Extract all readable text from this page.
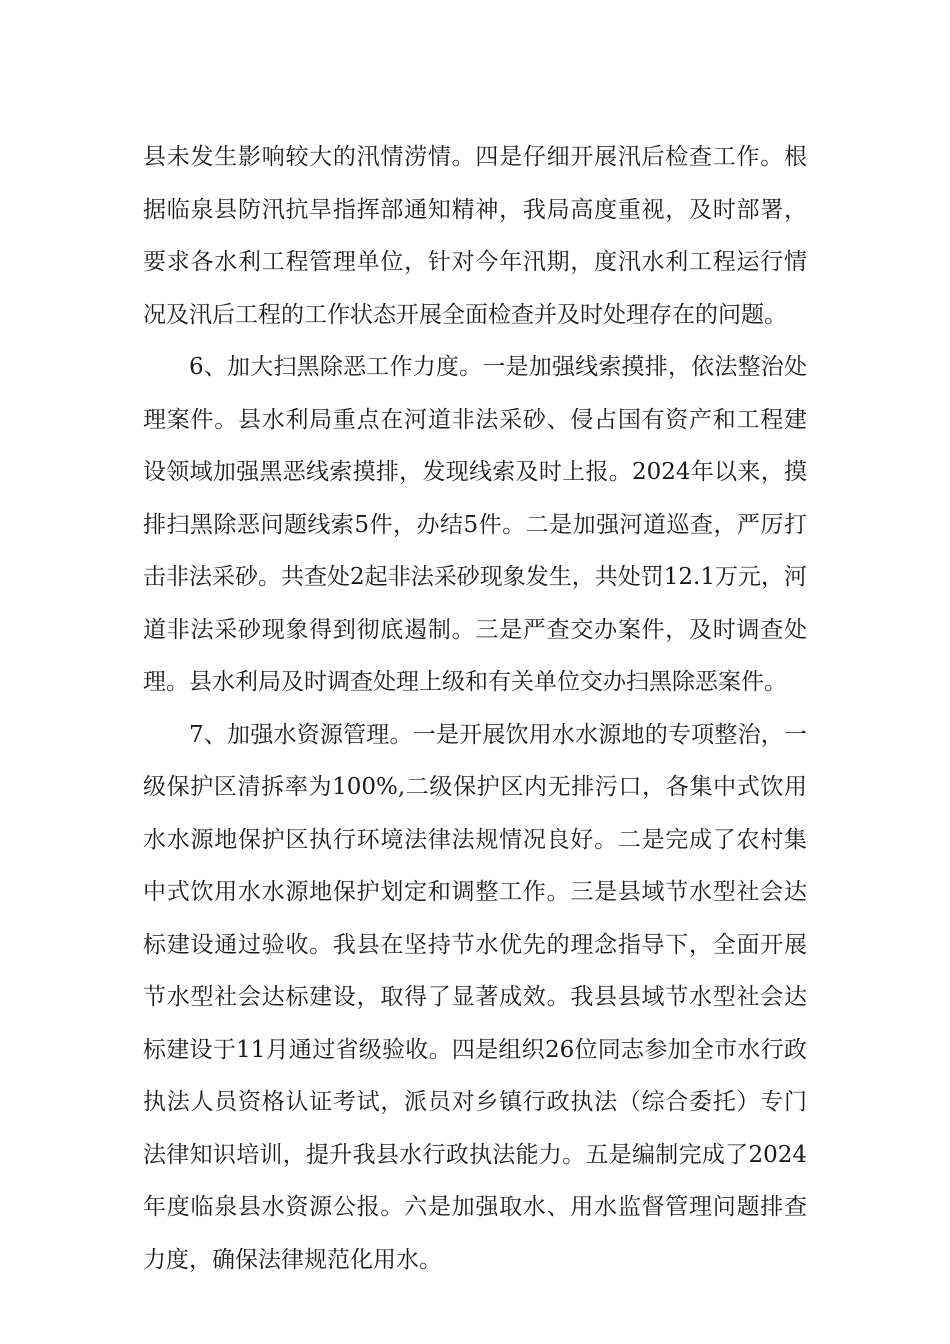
县未发生影响较大的汛情涝情。四是仔细开展汛后检查工作。根据临泉县防汛抗旱指挥部通知精神，我局高度重视，及时部署，要求各水利工程管理单位，针对今年汛期，度汛水利工程运行情况及汛后工程的工作状态开展全面检查并及时处理存在的问题。

6、加大扫黑除恶工作力度。一是加强线索摸排，依法整治处理案件。县水利局重点在河道非法采砂、侵占国有资产和工程建设领域加强黑恶线索摸排，发现线索及时上报。2024年以来，摸排扫黑除恶问题线索5件，办结5件。二是加强河道巡查，严厉打击非法采砂。共查处2起非法采砂现象发生，共处罚12.1万元，河道非法采砂现象得到彻底遏制。三是严查交办案件，及时调查处理。县水利局及时调查处理上级和有关单位交办扫黑除恶案件。

7、加强水资源管理。一是开展饮用水水源地的专项整治，一级保护区清拆率为100%,二级保护区内无排污口，各集中式饮用水水源地保护区执行环境法律法规情况良好。二是完成了农村集中式饮用水水源地保护划定和调整工作。三是县域节水型社会达标建设通过验收。我县在坚持节水优先的理念指导下，全面开展节水型社会达标建设，取得了显著成效。我县县域节水型社会达标建设于11月通过省级验收。四是组织26位同志参加全市水行政执法人员资格认证考试，派员对乡镇行政执法（综合委托）专门法律知识培训，提升我县水行政执法能力。五是编制完成了2024年度临泉县水资源公报。六是加强取水、用水监督管理问题排查力度，确保法律规范化用水。
